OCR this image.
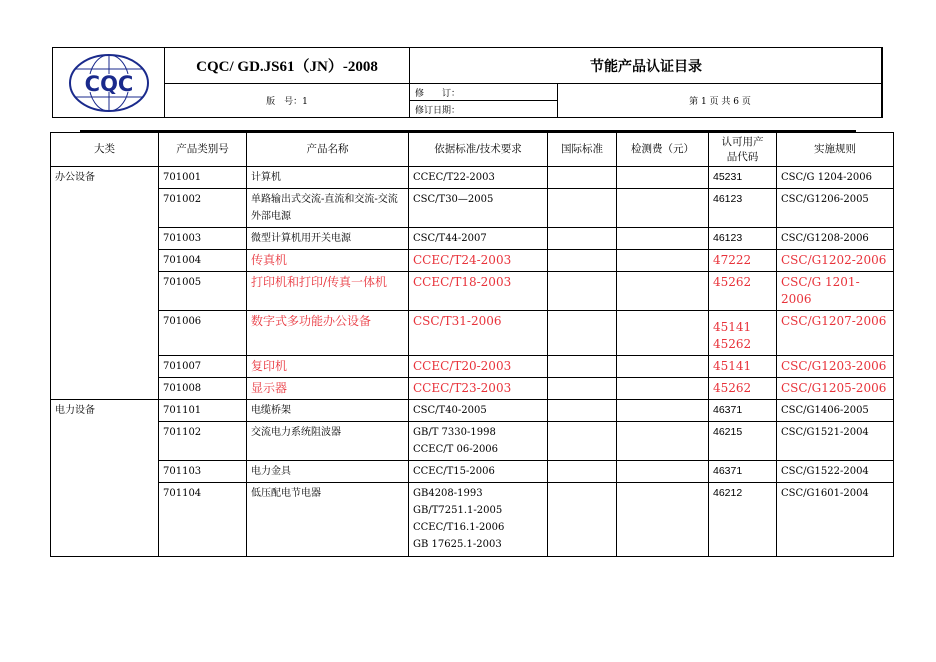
CQC
CQC/ GD.JS61（JN）-2008	节能产品认证目录
版　号：1
修　　订：
修订日期：
第 1 页 共 6 页
大类	产品类别号	产品名称	依据标准/技术要求	国际标准	检测费（元）	认可用产
品代码	实施规则
办公设备	701001	计算机	CCEC/T22-2003			45231	CSC/G 1204-2006
	701002	单路输出式交流-直流和交流-交流外部电源	CSC/T30—2005			46123	CSC/G1206-2005
	701003	微型计算机用开关电源	CSC/T44-2007			46123	CSC/G1208-2006
	701004	传真机	CCEC/T24-2003			47222	CSC/G1202-2006
	701005	打印机和打印/传真一体机	CCEC/T18-2003			45262	CSC/G 1201-2006
	701006	数字式多功能办公设备	CSC/T31-2006			45141
45262	CSC/G1207-2006
	701007	复印机	CCEC/T20-2003			45141	CSC/G1203-2006
	701008	显示器	CCEC/T23-2003			45262	CSC/G1205-2006
电力设备	701101	电缆桥架	CSC/T40-2005			46371	CSC/G1406-2005
	701102	交流电力系统阻波器	GB/T 7330-1998
CCEC/T 06-2006			46215	CSC/G1521-2004
	701103	电力金具	CCEC/T15-2006			46371	CSC/G1522-2004
	701104	低压配电节电器	GB4208-1993
GB/T7251.1-2005
CCEC/T16.1-2006
GB 17625.1-2003			46212	CSC/G1601-2004
